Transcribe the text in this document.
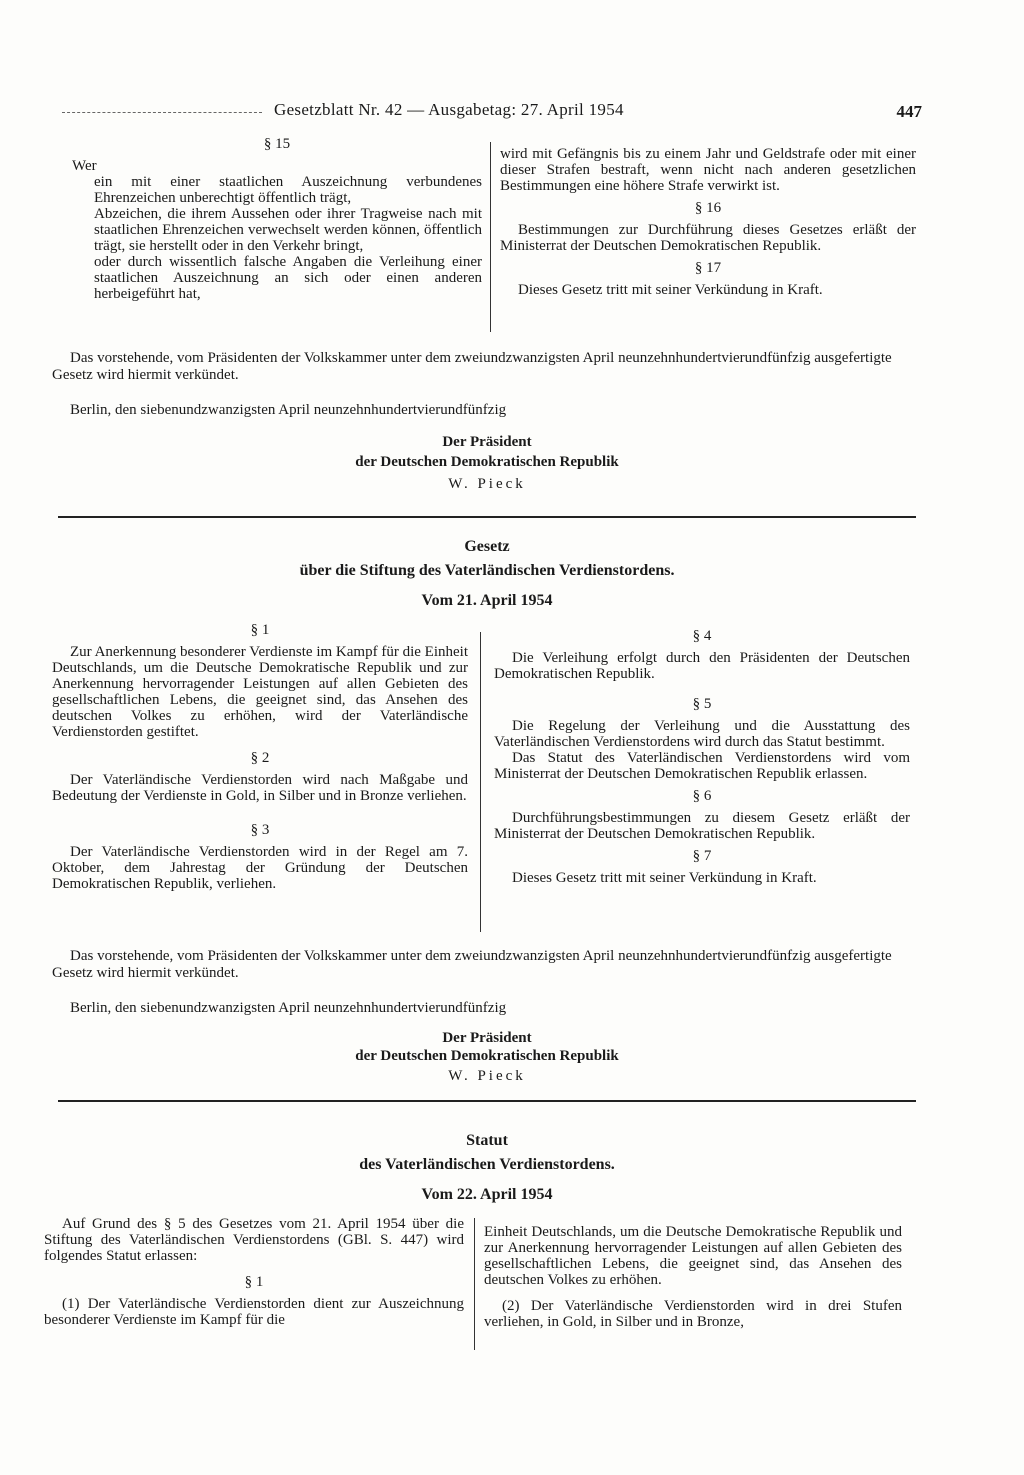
Gesetzblatt Nr. 42 — Ausgabetag: 27. April 1954	447
§ 15

Wer

ein mit einer staatlichen Auszeichnung verbundenes Ehrenzeichen unberechtigt öffentlich trägt,

Abzeichen, die ihrem Aussehen oder ihrer Tragweise nach mit staatlichen Ehrenzeichen verwechselt werden können, öffentlich trägt, sie herstellt oder in den Verkehr bringt,

oder durch wissentlich falsche Angaben die Verleihung einer staatlichen Auszeichnung an sich oder einen anderen herbeigeführt hat,

wird mit Gefängnis bis zu einem Jahr und Geldstrafe oder mit einer dieser Strafen bestraft, wenn nicht nach anderen gesetzlichen Bestimmungen eine höhere Strafe verwirkt ist.

§ 16

Bestimmungen zur Durchführung dieses Gesetzes erläßt der Ministerrat der Deutschen Demokratischen Republik.

§ 17

Dieses Gesetz tritt mit seiner Verkündung in Kraft.

Das vorstehende, vom Präsidenten der Volkskammer unter dem zweiundzwanzigsten April neunzehnhundertvierundfünfzig ausgefertigte Gesetz wird hiermit verkündet.

Berlin, den siebenundzwanzigsten April neunzehnhundertvierundfünfzig

Der Präsident
der Deutschen Demokratischen Republik
W. Pieck
Gesetz
über die Stiftung des Vaterländischen Verdienstordens.
Vom 21. April 1954
§ 1

Zur Anerkennung besonderer Verdienste im Kampf für die Einheit Deutschlands, um die Deutsche Demokratische Republik und zur Anerkennung hervorragender Leistungen auf allen Gebieten des gesellschaftlichen Lebens, die geeignet sind, das Ansehen des deutschen Volkes zu erhöhen, wird der Vaterländische Verdienstorden gestiftet.

§ 2

Der Vaterländische Verdienstorden wird nach Maßgabe und Bedeutung der Verdienste in Gold, in Silber und in Bronze verliehen.

§ 3

Der Vaterländische Verdienstorden wird in der Regel am 7. Oktober, dem Jahrestag der Gründung der Deutschen Demokratischen Republik, verliehen.

§ 4

Die Verleihung erfolgt durch den Präsidenten der Deutschen Demokratischen Republik.

§ 5

Die Regelung der Verleihung und die Ausstattung des Vaterländischen Verdienstordens wird durch das Statut bestimmt.

Das Statut des Vaterländischen Verdienstordens wird vom Ministerrat der Deutschen Demokratischen Republik erlassen.

§ 6

Durchführungsbestimmungen zu diesem Gesetz erläßt der Ministerrat der Deutschen Demokratischen Republik.

§ 7

Dieses Gesetz tritt mit seiner Verkündung in Kraft.

Das vorstehende, vom Präsidenten der Volkskammer unter dem zweiundzwanzigsten April neunzehnhundertvierundfünfzig ausgefertigte Gesetz wird hiermit verkündet.

Berlin, den siebenundzwanzigsten April neunzehnhundertvierundfünfzig

Der Präsident
der Deutschen Demokratischen Republik
W. Pieck
Statut
des Vaterländischen Verdienstordens.
Vom 22. April 1954

Auf Grund des § 5 des Gesetzes vom 21. April 1954 über die Stiftung des Vaterländischen Verdienstordens (GBl. S. 447) wird folgendes Statut erlassen:

§ 1

(1) Der Vaterländische Verdienstorden dient zur Auszeichnung besonderer Verdienste im Kampf für die

Einheit Deutschlands, um die Deutsche Demokratische Republik und zur Anerkennung hervorragender Leistungen auf allen Gebieten des gesellschaftlichen Lebens, die geeignet sind, das Ansehen des deutschen Volkes zu erhöhen.

(2) Der Vaterländische Verdienstorden wird in drei Stufen verliehen, in Gold, in Silber und in Bronze,
